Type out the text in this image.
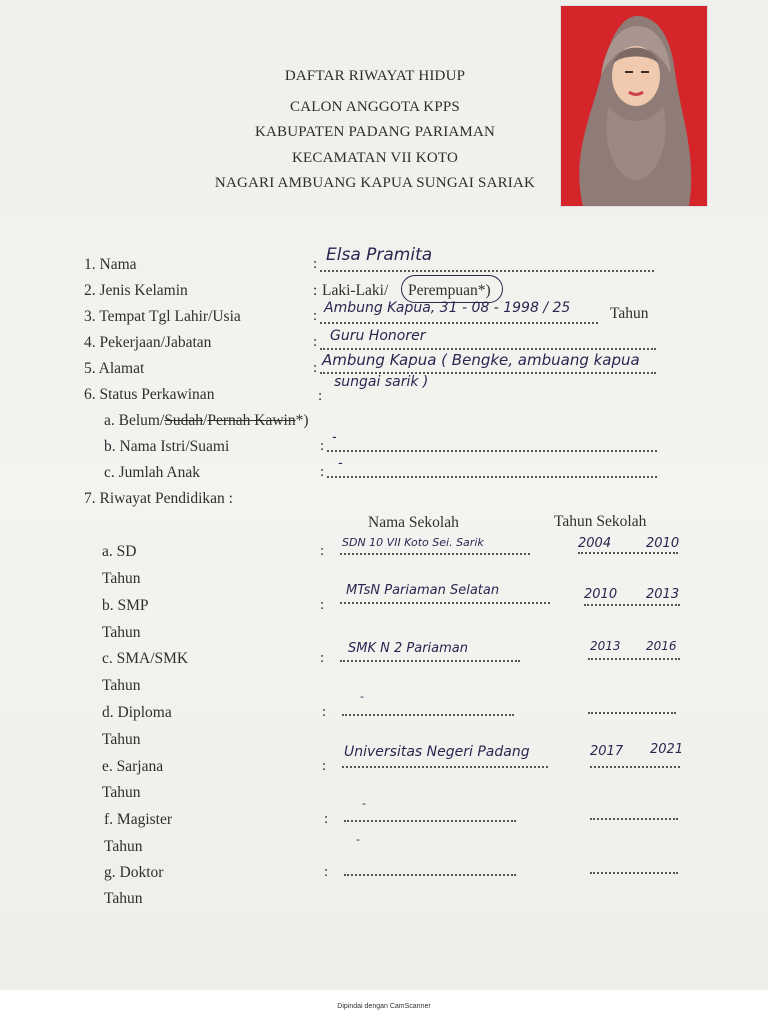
DAFTAR RIWAYAT HIDUP
CALON ANGGOTA KPPS
KABUPATEN PADANG PARIAMAN
KECAMATAN VII KOTO
NAGARI AMBUANG KAPUA SUNGAI SARIAK
1. Nama	: Elsa Pramita
2. Jenis Kelamin	: Laki-Laki/ Perempuan*)
3. Tempat Tgl Lahir/Usia	: Ambung Kapua, 31 - 08 - 1998 / 25	Tahun
4. Pekerjaan/Jabatan	: Guru Honorer
5. Alamat	: Ambung Kapua ( Bengke, ambuang kapua
sungai sarik )
6. Status Perkawinan	:
a. Belum/Sudah/Pernah Kawin*)
b. Nama Istri/Suami	:
-
c. Jumlah Anak	:
-
7. Riwayat Pendidikan :
Nama Sekolah	Tahun Sekolah
a. SD	:
SDN 10 VII Koto Sei. Sarik	2004	2010
Tahun
b. SMP	:
MTsN Pariaman Selatan	2010 2013
Tahun
c. SMA/SMK	:
SMK N 2 Pariaman	2013 2016
Tahun
d. Diploma	:
-
Tahun
e. Sarjana	:
Universitas Negeri Padang	2017 2021
Tahun
f. Magister	:
-
Tahun
g. Doktor	:
-
Tahun
Dipindai dengan CamScanner
